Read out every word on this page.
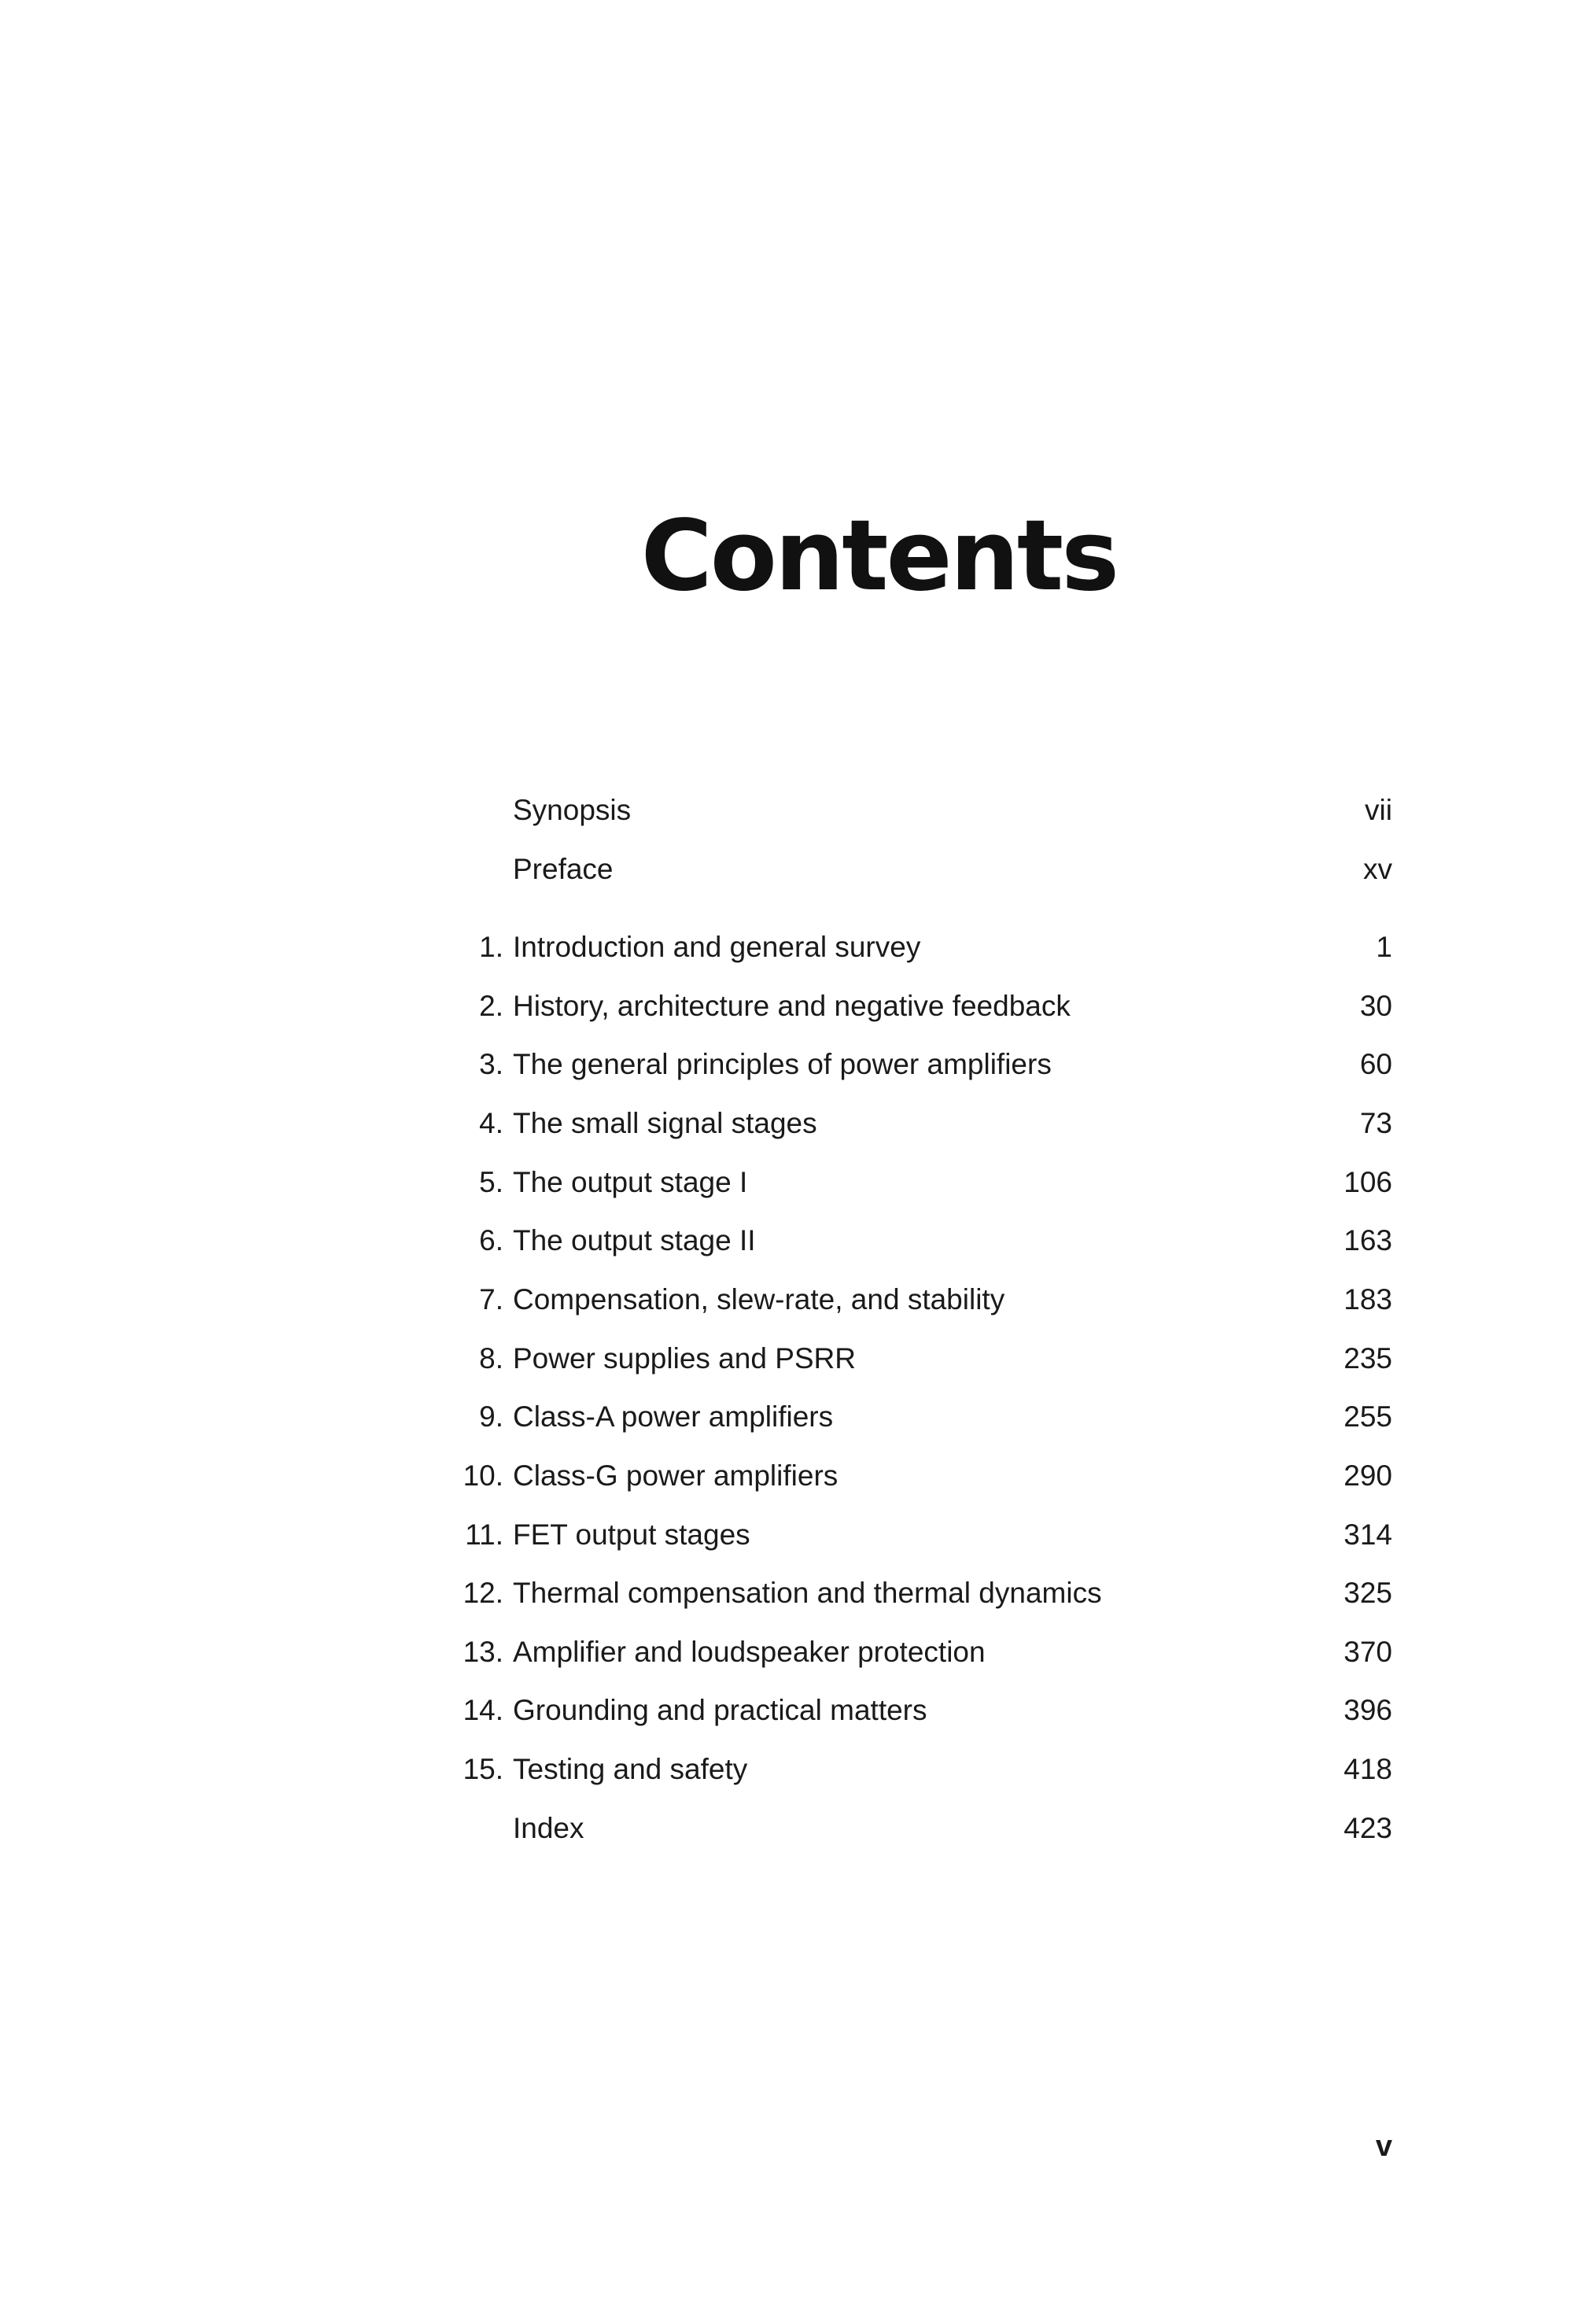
Contents
Synopsis	vii
Preface	xv
1. Introduction and general survey	1
2. History, architecture and negative feedback	30
3. The general principles of power amplifiers	60
4. The small signal stages	73
5. The output stage I	106
6. The output stage II	163
7. Compensation, slew-rate, and stability	183
8. Power supplies and PSRR	235
9. Class-A power amplifiers	255
10. Class-G power amplifiers	290
11. FET output stages	314
12. Thermal compensation and thermal dynamics	325
13. Amplifier and loudspeaker protection	370
14. Grounding and practical matters	396
15. Testing and safety	418
Index	423
v
